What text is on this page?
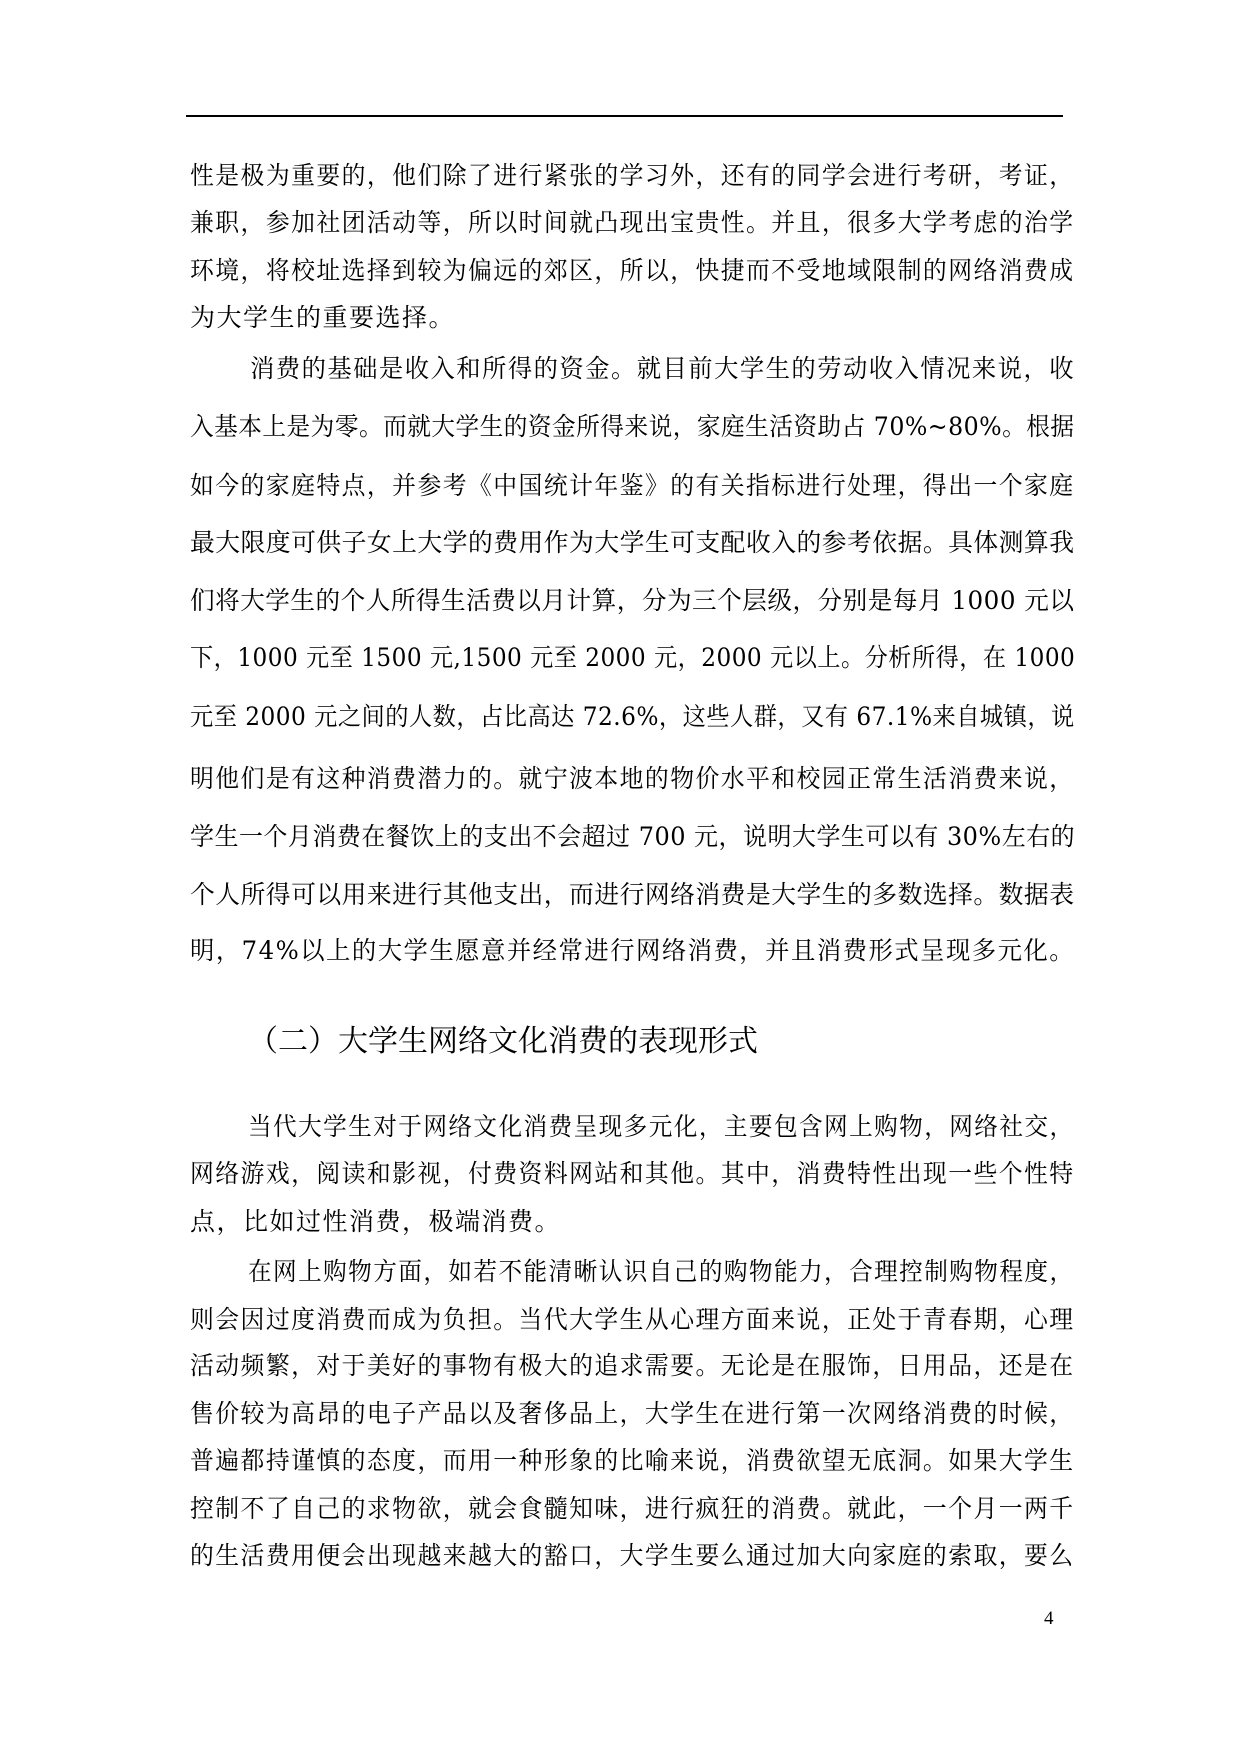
性是极为重要的，他们除了进行紧张的学习外，还有的同学会进行考研，考证，
兼职，参加社团活动等，所以时间就凸现出宝贵性。并且，很多大学考虑的治学
环境，将校址选择到较为偏远的郊区，所以，快捷而不受地域限制的网络消费成
为大学生的重要选择。
消费的基础是收入和所得的资金。就目前大学生的劳动收入情况来说，收
入基本上是为零。而就大学生的资金所得来说，家庭生活资助占 70%~80%。根据
如今的家庭特点，并参考《中国统计年鉴》的有关指标进行处理，得出一个家庭
最大限度可供子女上大学的费用作为大学生可支配收入的参考依据。具体测算我
们将大学生的个人所得生活费以月计算，分为三个层级，分别是每月 1000 元以
下，1000 元至 1500 元,1500 元至 2000 元，2000 元以上。分析所得，在 1000
元至 2000 元之间的人数，占比高达 72.6%，这些人群，又有 67.1%来自城镇，说
明他们是有这种消费潜力的。就宁波本地的物价水平和校园正常生活消费来说，
学生一个月消费在餐饮上的支出不会超过 700 元，说明大学生可以有 30%左右的
个人所得可以用来进行其他支出，而进行网络消费是大学生的多数选择。数据表
明，74%以上的大学生愿意并经常进行网络消费，并且消费形式呈现多元化。
（二）大学生网络文化消费的表现形式
当代大学生对于网络文化消费呈现多元化，主要包含网上购物，网络社交，
网络游戏，阅读和影视，付费资料网站和其他。其中，消费特性出现一些个性特
点，比如过性消费，极端消费。
在网上购物方面，如若不能清晰认识自己的购物能力，合理控制购物程度，
则会因过度消费而成为负担。当代大学生从心理方面来说，正处于青春期，心理
活动频繁，对于美好的事物有极大的追求需要。无论是在服饰，日用品，还是在
售价较为高昂的电子产品以及奢侈品上，大学生在进行第一次网络消费的时候，
普遍都持谨慎的态度，而用一种形象的比喻来说，消费欲望无底洞。如果大学生
控制不了自己的求物欲，就会食髓知味，进行疯狂的消费。就此，一个月一两千
的生活费用便会出现越来越大的豁口，大学生要么通过加大向家庭的索取，要么
4
